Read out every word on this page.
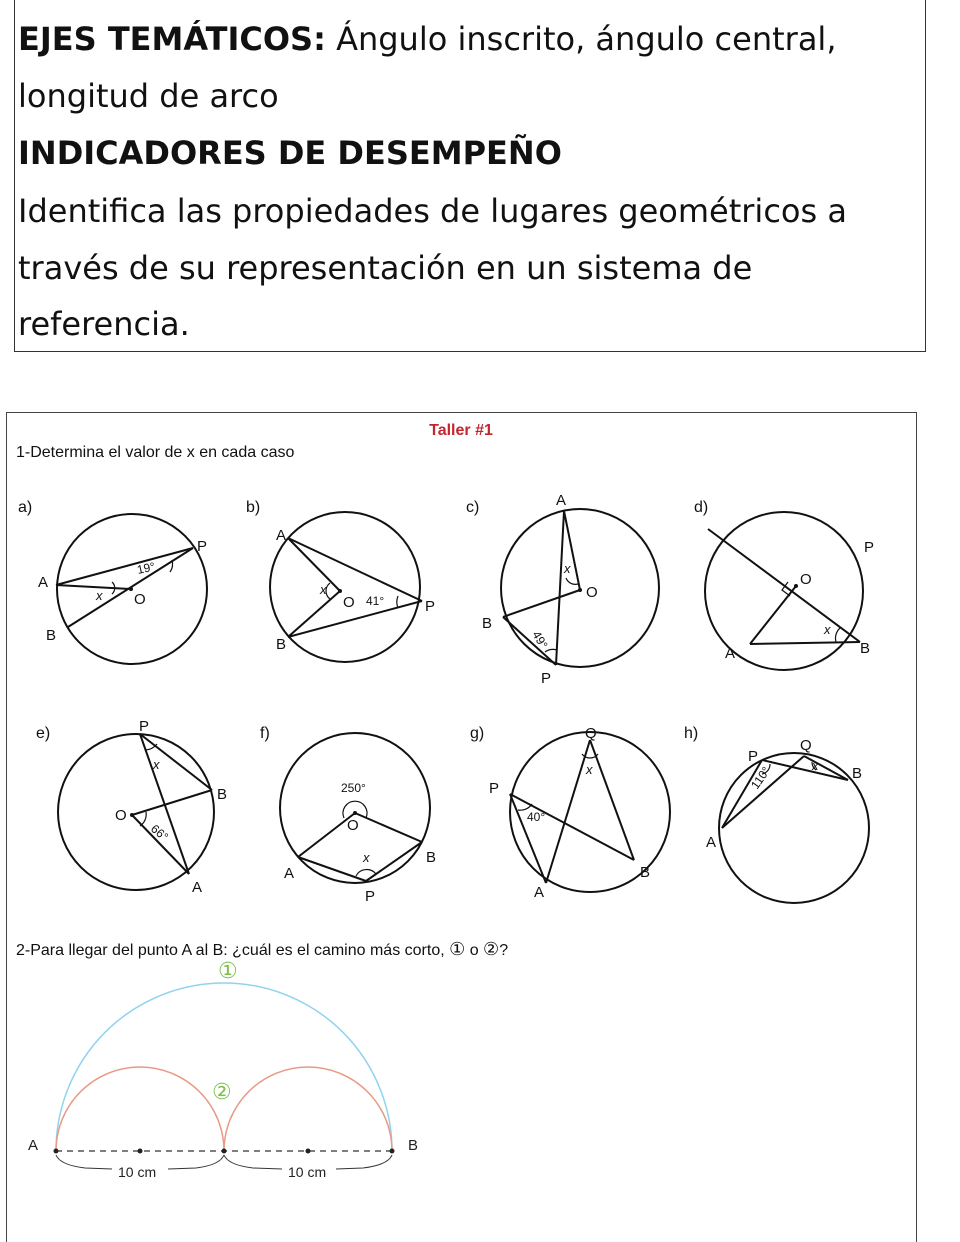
EJES TEMÁTICOS: Ángulo inscrito, ángulo central,
longitud de arco
INDICADORES DE DESEMPEÑO
Identifica las propiedades de lugares geométricos a
través de su representación en un sistema de
referencia.
Taller #1
1-Determina el valor de x en cada caso
a)	b)	c)	d)
e)	f)	g)	h)
P
A
O
B
A
O	P
B
A
O
B
P
P
O
A	B
P
O
B
A
O
A
B
P
Q
P
B
A
P
Q
B
A
19°
41°
49°
66°
250°
40°
110°
x	x
x
x
x
x
x	x
2-Para llegar del punto A al B: ¿cuál es el camino más corto, ① o ②?
A	B
10 cm	10 cm
①
②
